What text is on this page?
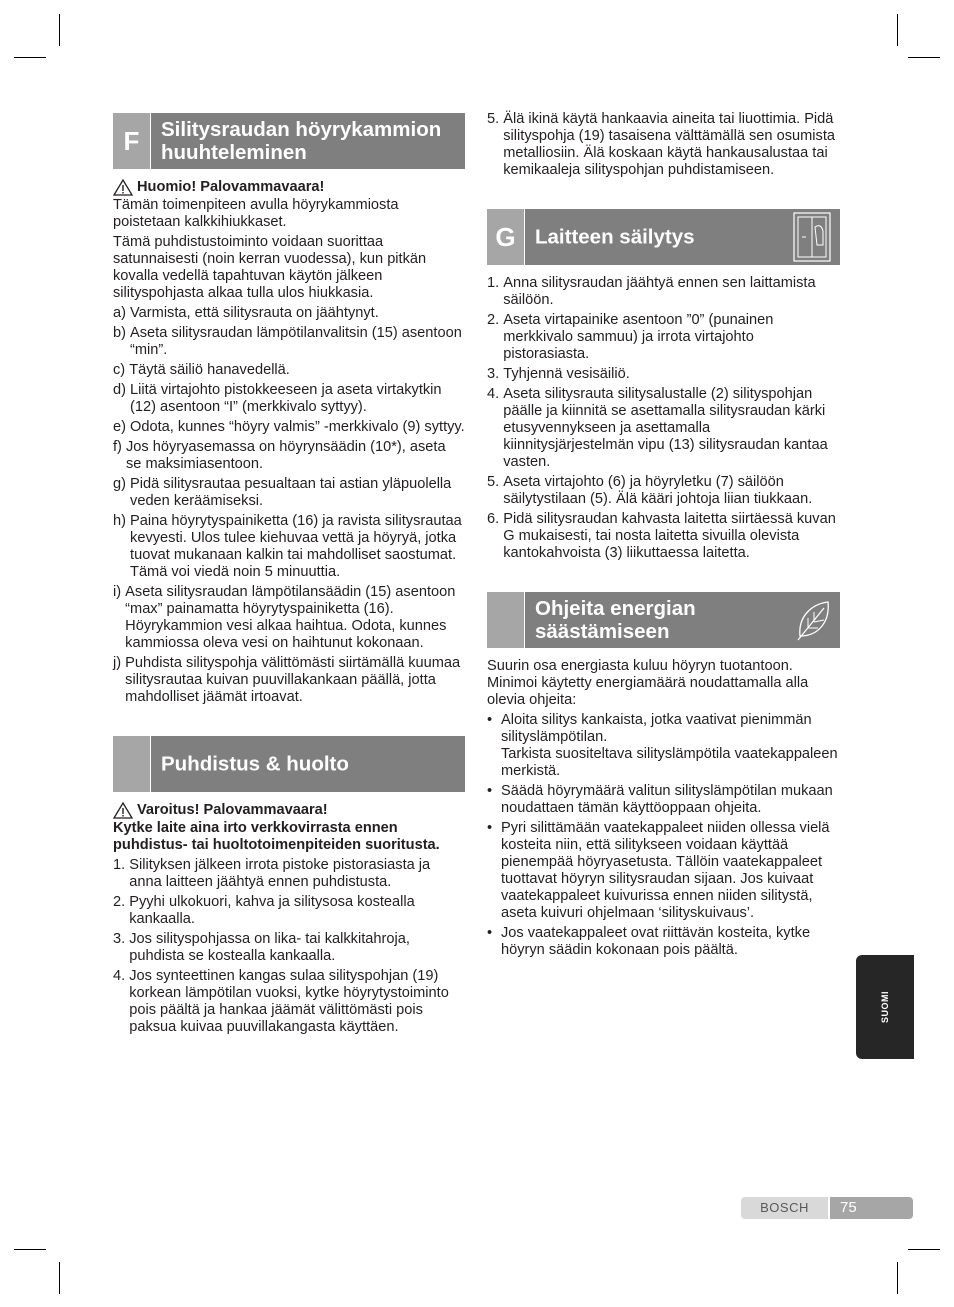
F	Silitysraudan höyrykammion huuhteleminen
Huomio! Palovammavaara!

Tämän toimenpiteen avulla höyrykammiosta poistetaan kalkkihiukkaset.

Tämä puhdistustoiminto voidaan suorittaa satunnaisesti (noin kerran vuodessa), kun pitkän kovalla vedellä tapahtuvan käytön jälkeen silityspohjasta alkaa tulla ulos hiukkasia.

a) Varmista, että silitysrauta on jäähtynyt.
b) Aseta silitysraudan lämpötilanvalitsin (15) asentoon “min”.
c) Täytä säiliö hanavedellä.
d) Liitä virtajohto pistokkeeseen ja aseta virtakytkin (12) asentoon “I” (merkkivalo syttyy).
e) Odota, kunnes “höyry valmis” -merkkivalo (9) syttyy.
f) Jos höyryasemassa on höyrynsäädin (10*), aseta se maksimiasentoon.
g) Pidä silitysrautaa pesualtaan tai astian yläpuolella veden keräämiseksi.
h) Paina höyrytyspainiketta (16) ja ravista silitysrautaa kevyesti. Ulos tulee kiehuvaa vettä ja höyryä, jotka tuovat mukanaan kalkin tai mahdolliset saostumat. Tämä voi viedä noin 5 minuuttia.
i) Aseta silitysraudan lämpötilansäädin (15) asentoon “max” painamatta höyrytyspainiketta (16). Höyrykammion vesi alkaa haihtua. Odota, kunnes kammiossa oleva vesi on haihtunut kokonaan.
j) Puhdista silityspohja välittömästi siirtämällä kuumaa silitysrautaa kuivan puuvillakankaan päällä, jotta mahdolliset jäämät irtoavat.
Puhdistus & huolto
Varoitus! Palovammavaara!

Kytke laite aina irto verkkovirrasta ennen puhdistus- tai huoltotoimenpiteiden suoritusta.

1. Silityksen jälkeen irrota pistoke pistorasiasta ja anna laitteen jäähtyä ennen puhdistusta.
2. Pyyhi ulkokuori, kahva ja silitysosa kostealla kankaalla.
3. Jos silityspohjassa on lika- tai kalkkitahroja, puhdista se kostealla kankaalla.
4. Jos synteettinen kangas sulaa silityspohjan (19) korkean lämpötilan vuoksi, kytke höyrytystoiminto pois päältä ja hankaa jäämät välittömästi pois paksua kuivaa puuvillakangasta käyttäen.
5. Älä ikinä käytä hankaavia aineita tai liuottimia. Pidä silityspohja (19) tasaisena välttämällä sen osumista metalliosiin. Älä koskaan käytä hankausalustaa tai kemikaaleja silityspohjan puhdistamiseen.
G Laitteen säilytys
1. Anna silitysraudan jäähtyä ennen sen laittamista säilöön.
2. Aseta virtapainike asentoon ”0” (punainen merkkivalo sammuu) ja irrota virtajohto pistorasiasta.
3. Tyhjennä vesisäiliö.
4. Aseta silitysrauta silitysalustalle (2) silityspohjan päälle ja kiinnitä se asettamalla silitysraudan kärki etusyvennykseen ja asettamalla kiinnitysjärjestelmän vipu (13) silitysraudan kantaa vasten.
5. Aseta virtajohto (6) ja höyryletku (7) säilöön säilytystilaan (5). Älä kääri johtoja liian tiukkaan.
6. Pidä silitysraudan kahvasta laitetta siirtäessä kuvan G mukaisesti, tai nosta laitetta sivuilla olevista kantokahvoista (3) liikuttaessa laitetta.
Ohjeita energian säästämiseen

Suurin osa energiasta kuluu höyryn tuotantoon. Minimoi käytetty energiamäärä noudattamalla alla olevia ohjeita:

• Aloita silitys kankaista, jotka vaativat pienimmän silityslämpötilan.
Tarkista suositeltava silityslämpötila vaatekappaleen merkistä.
• Säädä höyrymäärä valitun silityslämpötilan mukaan noudattaen tämän käyttöoppaan ohjeita.
• Pyri silittämään vaatekappaleet niiden ollessa vielä kosteita niin, että silitykseen voidaan käyttää pienempää höyryasetusta. Tällöin vaatekappaleet tuottavat höyryn silitysraudan sijaan. Jos kuivaat vaatekappaleet kuivurissa ennen niiden silitystä, aseta kuivuri ohjelmaan ‘silityskuivaus’.
• Jos vaatekappaleet ovat riittävän kosteita, kytke höyryn säädin kokonaan pois päältä.
SUOMI
BOSCH	75
